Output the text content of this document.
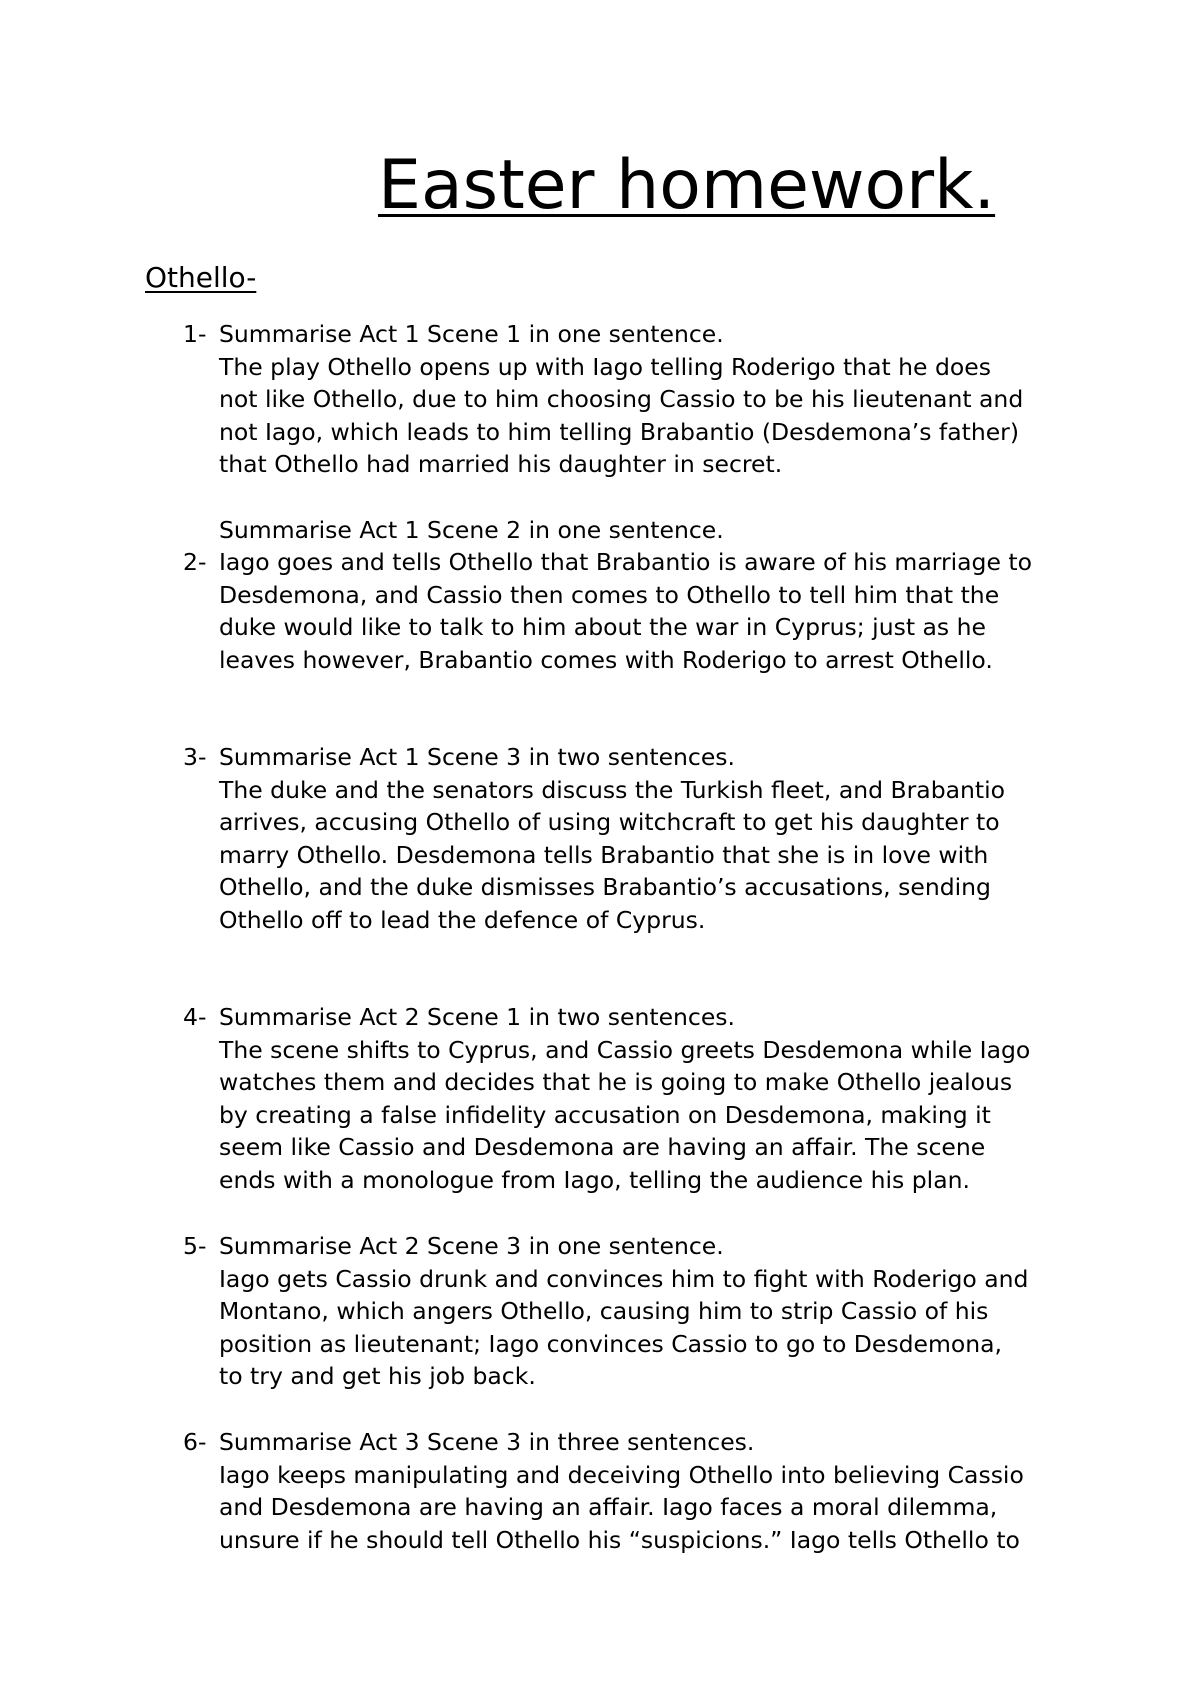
Easter homework.
Othello-
1- Summarise Act 1 Scene 1 in one sentence.
The play Othello opens up with Iago telling Roderigo that he does
not like Othello, due to him choosing Cassio to be his lieutenant and
not Iago, which leads to him telling Brabantio (Desdemona’s father)
that Othello had married his daughter in secret.
Summarise Act 1 Scene 2 in one sentence.
2- Iago goes and tells Othello that Brabantio is aware of his marriage to
Desdemona, and Cassio then comes to Othello to tell him that the
duke would like to talk to him about the war in Cyprus; just as he
leaves however, Brabantio comes with Roderigo to arrest Othello.
3- Summarise Act 1 Scene 3 in two sentences.
The duke and the senators discuss the Turkish fleet, and Brabantio
arrives, accusing Othello of using witchcraft to get his daughter to
marry Othello. Desdemona tells Brabantio that she is in love with
Othello, and the duke dismisses Brabantio’s accusations, sending
Othello off to lead the defence of Cyprus.
4- Summarise Act 2 Scene 1 in two sentences.
The scene shifts to Cyprus, and Cassio greets Desdemona while Iago
watches them and decides that he is going to make Othello jealous
by creating a false infidelity accusation on Desdemona, making it
seem like Cassio and Desdemona are having an affair. The scene
ends with a monologue from Iago, telling the audience his plan.
5- Summarise Act 2 Scene 3 in one sentence.
Iago gets Cassio drunk and convinces him to fight with Roderigo and
Montano, which angers Othello, causing him to strip Cassio of his
position as lieutenant; Iago convinces Cassio to go to Desdemona,
to try and get his job back.
6- Summarise Act 3 Scene 3 in three sentences.
Iago keeps manipulating and deceiving Othello into believing Cassio
and Desdemona are having an affair. Iago faces a moral dilemma,
unsure if he should tell Othello his “suspicions.” Iago tells Othello to
